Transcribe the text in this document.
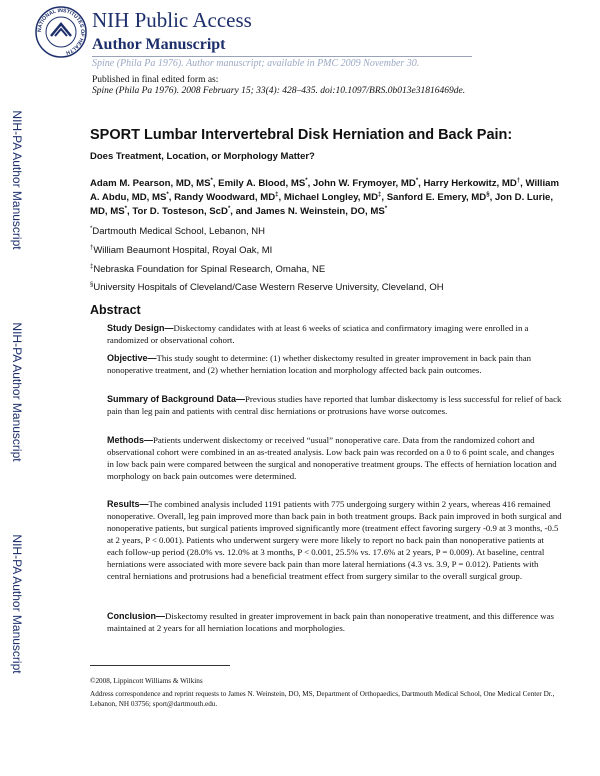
NATIONAL INSTITUTES OF HEALTH
NIH Public Access
Author Manuscript
Spine (Phila Pa 1976). Author manuscript; available in PMC 2009 November 30.
Published in final edited form as:
Spine (Phila Pa 1976). 2008 February 15; 33(4): 428–435. doi:10.1097/BRS.0b013e31816469de.
NIH-PA Author Manuscript
NIH-PA Author Manuscript
NIH-PA Author Manuscript
SPORT Lumbar Intervertebral Disk Herniation and Back Pain:
Does Treatment, Location, or Morphology Matter?
Adam M. Pearson, MD, MS*, Emily A. Blood, MS*, John W. Frymoyer, MD*, Harry Herkowitz, MD†, William A. Abdu, MD, MS*, Randy Woodward, MD‡, Michael Longley, MD‡, Sanford E. Emery, MD§, Jon D. Lurie, MD, MS*, Tor D. Tosteson, ScD*, and James N. Weinstein, DO, MS*
*Dartmouth Medical School, Lebanon, NH
†William Beaumont Hospital, Royal Oak, MI
‡Nebraska Foundation for Spinal Research, Omaha, NE
§University Hospitals of Cleveland/Case Western Reserve University, Cleveland, OH
Abstract
Study Design—Diskectomy candidates with at least 6 weeks of sciatica and confirmatory imaging were enrolled in a randomized or observational cohort.
Objective—This study sought to determine: (1) whether diskectomy resulted in greater improvement in back pain than nonoperative treatment, and (2) whether herniation location and morphology affected back pain outcomes.
Summary of Background Data—Previous studies have reported that lumbar diskectomy is less successful for relief of back pain than leg pain and patients with central disc herniations or protrusions have worse outcomes.
Methods—Patients underwent diskectomy or received “usual” nonoperative care. Data from the randomized cohort and observational cohort were combined in an as-treated analysis. Low back pain was recorded on a 0 to 6 point scale, and changes in low back pain were compared between the surgical and nonoperative treatment groups. The effects of herniation location and morphology on back pain outcomes were determined.
Results—The combined analysis included 1191 patients with 775 undergoing surgery within 2 years, whereas 416 remained nonoperative. Overall, leg pain improved more than back pain in both treatment groups. Back pain improved in both surgical and nonoperative patients, but surgical patients improved significantly more (treatment effect favoring surgery -0.9 at 3 months, -0.5 at 2 years, P < 0.001). Patients who underwent surgery were more likely to report no back pain than nonoperative patients at each follow-up period (28.0% vs. 12.0% at 3 months, P < 0.001, 25.5% vs. 17.6% at 2 years, P = 0.009). At baseline, central herniations were associated with more severe back pain than more lateral herniations (4.3 vs. 3.9, P = 0.012). Patients with central herniations and protrusions had a beneficial treatment effect from surgery similar to the overall surgical group.
Conclusion—Diskectomy resulted in greater improvement in back pain than nonoperative treatment, and this difference was maintained at 2 years for all herniation locations and morphologies.
©2008, Lippincott Williams & Wilkins
Address correspondence and reprint requests to James N. Weinstein, DO, MS, Department of Orthopaedics, Dartmouth Medical School, One Medical Center Dr., Lebanon, NH 03756; sport@dartmouth.edu.
